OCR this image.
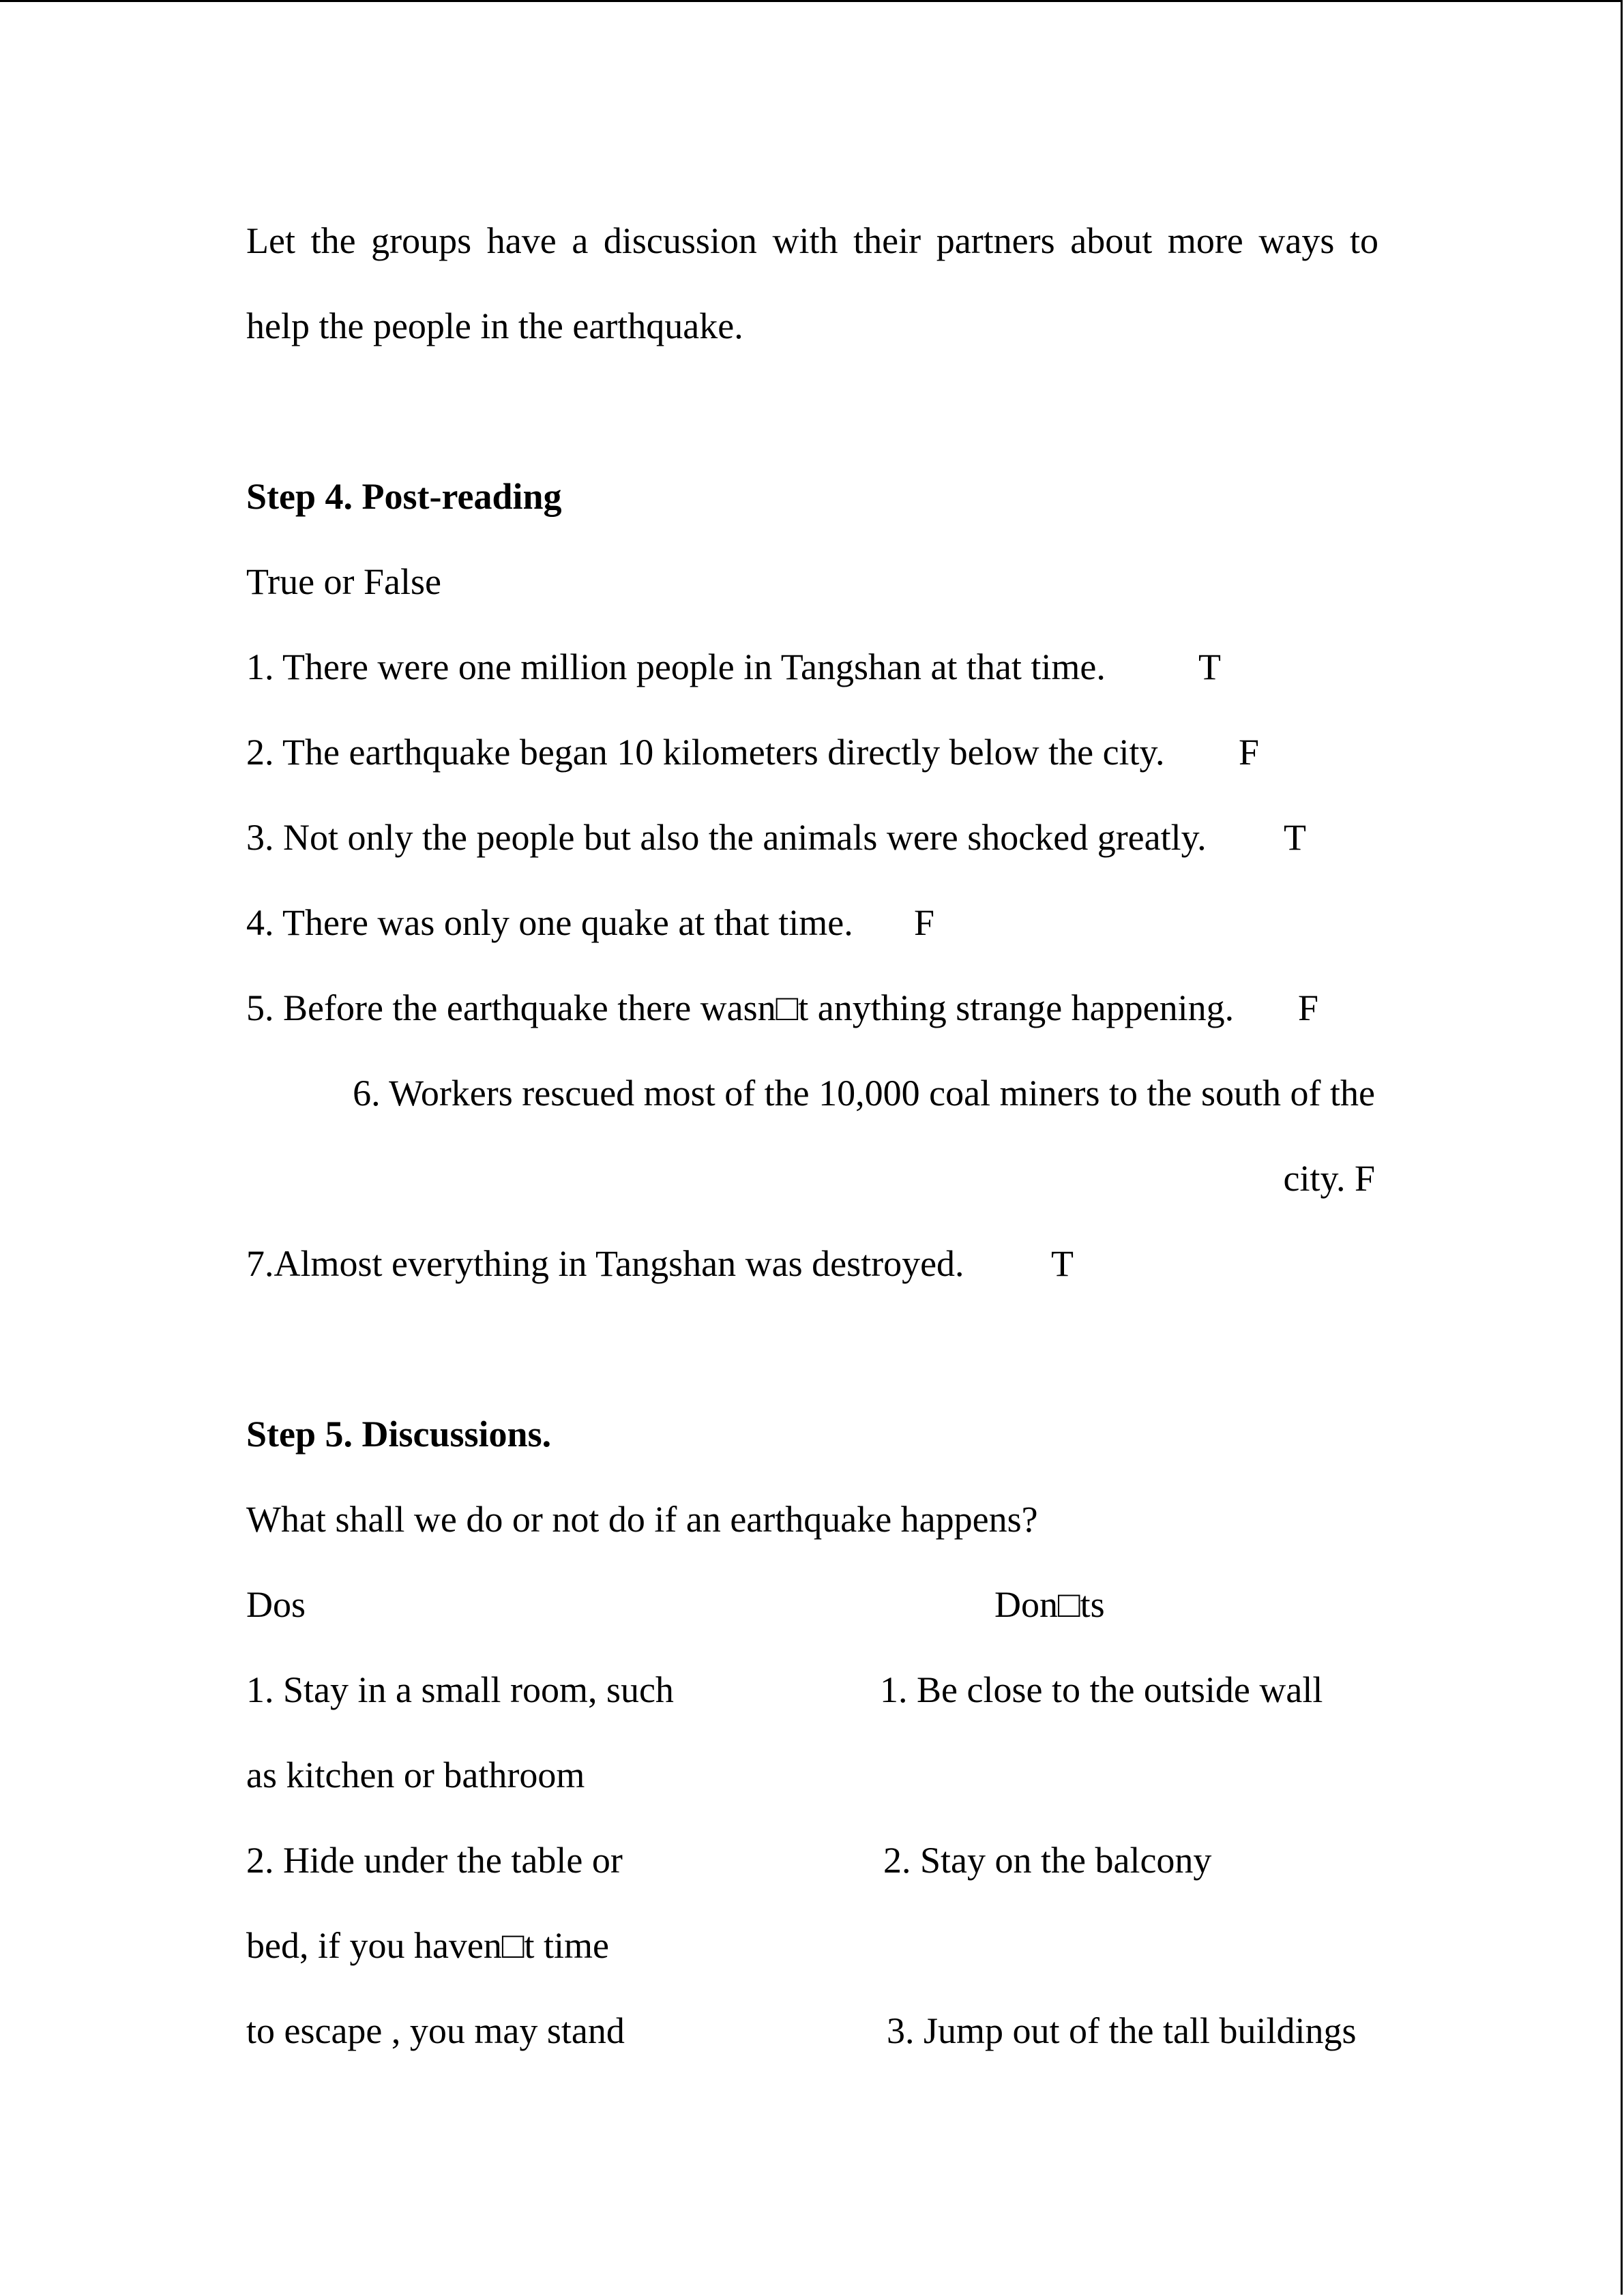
Let the groups have a discussion with their partners about more ways to
help the people in the earthquake.
Step 4. Post-reading
True or False
1. There were one million people in Tangshan at that time.	T
2. The earthquake began 10 kilometers directly below the city. F
3. Not only the people but also the animals were shocked greatly. T
4. There was only one quake at that time. F
5. Before the earthquake there wasn□t anything strange happening. F
6. Workers rescued most of the 10,000 coal miners to the south of the
city. F
7.Almost everything in Tangshan was destroyed. T
Step 5. Discussions.
What shall we do or not do if an earthquake happens?
Dos	Don□ts
1. Stay in a small room, such	1. Be close to the outside wall
as kitchen or bathroom
2. Hide under the table or	2. Stay on the balcony
bed, if you haven□t time
to escape , you may stand	3. Jump out of the tall buildings
